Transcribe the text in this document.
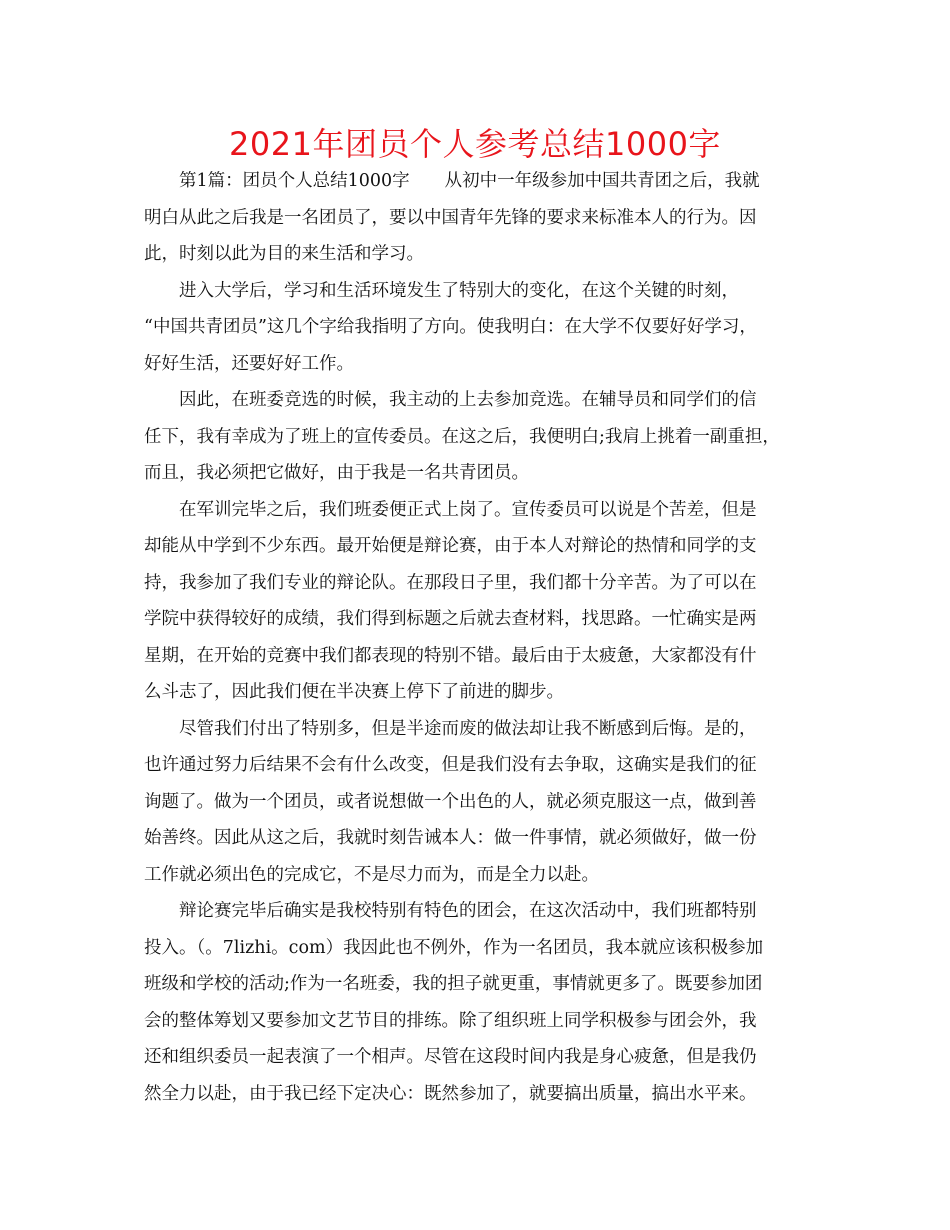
2021年团员个人参考总结1000字
第1篇：团员个人总结1000字　　从初中一年级参加中国共青团之后，我就
明白从此之后我是一名团员了，要以中国青年先锋的要求来标准本人的行为。因
此，时刻以此为目的来生活和学习。
进入大学后，学习和生活环境发生了特别大的变化，在这个关键的时刻，
“中国共青团员”这几个字给我指明了方向。使我明白：在大学不仅要好好学习，
好好生活，还要好好工作。
因此，在班委竞选的时候，我主动的上去参加竞选。在辅导员和同学们的信
任下，我有幸成为了班上的宣传委员。在这之后，我便明白;我肩上挑着一副重担，
而且，我必须把它做好，由于我是一名共青团员。
在军训完毕之后，我们班委便正式上岗了。宣传委员可以说是个苦差，但是
却能从中学到不少东西。最开始便是辩论赛，由于本人对辩论的热情和同学的支
持，我参加了我们专业的辩论队。在那段日子里，我们都十分辛苦。为了可以在
学院中获得较好的成绩，我们得到标题之后就去查材料，找思路。一忙确实是两
星期，在开始的竞赛中我们都表现的特别不错。最后由于太疲惫，大家都没有什
么斗志了，因此我们便在半决赛上停下了前进的脚步。
尽管我们付出了特别多，但是半途而废的做法却让我不断感到后悔。是的，
也许通过努力后结果不会有什么改变，但是我们没有去争取，这确实是我们的征
询题了。做为一个团员，或者说想做一个出色的人，就必须克服这一点，做到善
始善终。因此从这之后，我就时刻告诫本人：做一件事情，就必须做好，做一份
工作就必须出色的完成它，不是尽力而为，而是全力以赴。
辩论赛完毕后确实是我校特别有特色的团会，在这次活动中，我们班都特别
投入。（。7lizhi。com）我因此也不例外，作为一名团员，我本就应该积极参加
班级和学校的活动;作为一名班委，我的担子就更重，事情就更多了。既要参加团
会的整体筹划又要参加文艺节目的排练。除了组织班上同学积极参与团会外，我
还和组织委员一起表演了一个相声。尽管在这段时间内我是身心疲惫，但是我仍
然全力以赴，由于我已经下定决心：既然参加了，就要搞出质量，搞出水平来。
